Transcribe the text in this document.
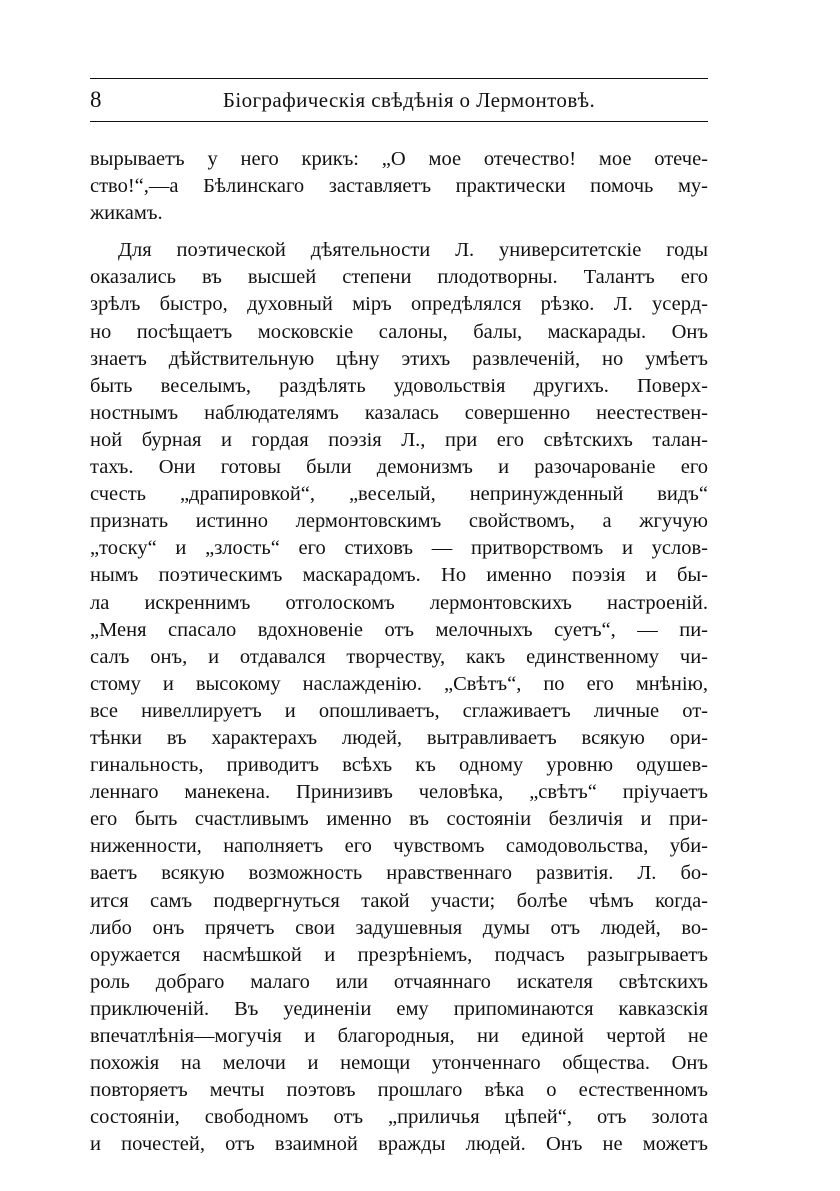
8	Біографическія свѣдѣнія о Лермонтовѣ.
вырываетъ у него крикъ: „О мое отечество! мое отече-
ство!“,—а Бѣлинскаго заставляетъ практически помочь му-
жикамъ.
Для поэтической дѣятельности Л. университетскіе годы
оказались въ высшей степени плодотворны. Талантъ его
зрѣлъ быстро, духовный міръ опредѣлялся рѣзко. Л. усерд-
но посѣщаетъ московскіе салоны, балы, маскарады. Онъ
знаетъ дѣйствительную цѣну этихъ развлеченій, но умѣетъ
быть веселымъ, раздѣлять удовольствія другихъ. Поверх-
ностнымъ наблюдателямъ казалась совершенно неестествен-
ной бурная и гордая поэзія Л., при его свѣтскихъ талан-
тахъ. Они готовы были демонизмъ и разочарованіе его
счесть „драпировкой“, „веселый, непринужденный видъ“
признать истинно лермонтовскимъ свойствомъ, а жгучую
„тоску“ и „злость“ его стиховъ — притворствомъ и услов-
нымъ поэтическимъ маскарадомъ. Но именно поэзія и бы-
ла искреннимъ отголоскомъ лермонтовскихъ настроеній.
„Меня спасало вдохновеніе отъ мелочныхъ суетъ“, — пи-
салъ онъ, и отдавался творчеству, какъ единственному чи-
стому и высокому наслажденію. „Свѣтъ“, по его мнѣнію,
все нивеллируетъ и опошливаетъ, сглаживаетъ личные от-
тѣнки въ характерахъ людей, вытравливаетъ всякую ори-
гинальность, приводитъ всѣхъ къ одному уровню одушев-
леннаго манекена. Принизивъ человѣка, „свѣтъ“ пріучаетъ
его быть счастливымъ именно въ состояніи безличія и при-
ниженности, наполняетъ его чувствомъ самодовольства, уби-
ваетъ всякую возможность нравственнаго развитія. Л. бо-
ится самъ подвергнуться такой участи; болѣе чѣмъ когда-
либо онъ прячетъ свои задушевныя думы отъ людей, во-
оружается насмѣшкой и презрѣніемъ, подчасъ разыгрываетъ
роль добраго малаго или отчаяннаго искателя свѣтскихъ
приключеній. Въ уединеніи ему припоминаются кавказскія
впечатлѣнія—могучія и благородныя, ни единой чертой не
похожія на мелочи и немощи утонченнаго общества. Онъ
повторяетъ мечты поэтовъ прошлаго вѣка о естественномъ
состояніи, свободномъ отъ „приличья цѣпей“, отъ золота
и почестей, отъ взаимной вражды людей. Онъ не можетъ
